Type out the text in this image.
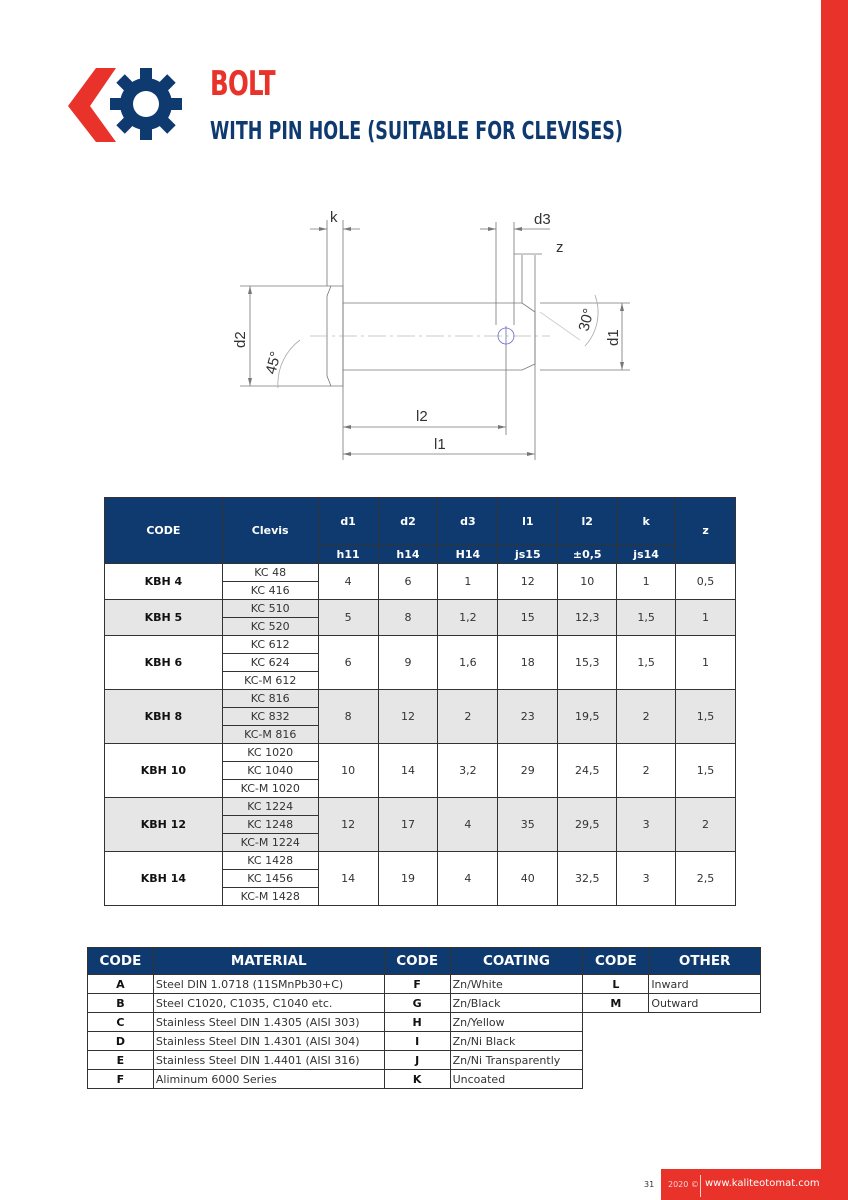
BOLT
WITH PIN HOLE (SUITABLE FOR CLEVISES)
k	d3
z
d2	d1
45°
30°
l2
l1
CODE	Clevis	d1	d2	d3	l1	l2	k	z
		h11	h14	H14	js15	±0,5	js14	
KBH 4	KC 48	4	6	1	12	10	1	0,5
	KC 416							
KBH 5	KC 510	5	8	1,2	15	12,3	1,5	1
	KC 520							
KBH 6	KC 612	6	9	1,6	18	15,3	1,5	1
	KC 624							
	KC-M 612							
KBH 8	KC 816	8	12	2	23	19,5	2	1,5
	KC 832							
	KC-M 816							
KBH 10	KC 1020	10	14	3,2	29	24,5	2	1,5
	KC 1040							
	KC-M 1020							
KBH 12	KC 1224	12	17	4	35	29,5	3	2
	KC 1248							
	KC-M 1224							
KBH 14	KC 1428	14	19	4	40	32,5	3	2,5
	KC 1456							
	KC-M 1428							
CODE	MATERIAL	CODE	COATING	CODE	OTHER
A	Steel DIN 1.0718 (11SMnPb30+C)	F	Zn/White	L	Inward
B	Steel C1020, C1035, C1040 etc.	G	Zn/Black	M	Outward
C	Stainless Steel DIN 1.4305 (AISI 303)	H	Zn/Yellow		
D	Stainless Steel DIN 1.4301 (AISI 304)	I	Zn/Ni Black		
E	Stainless Steel DIN 1.4401 (AISI 316)	J	Zn/Ni Transparently		
F	Aliminum 6000 Series	K	Uncoated		
31 2020 © www.kaliteotomat.com
